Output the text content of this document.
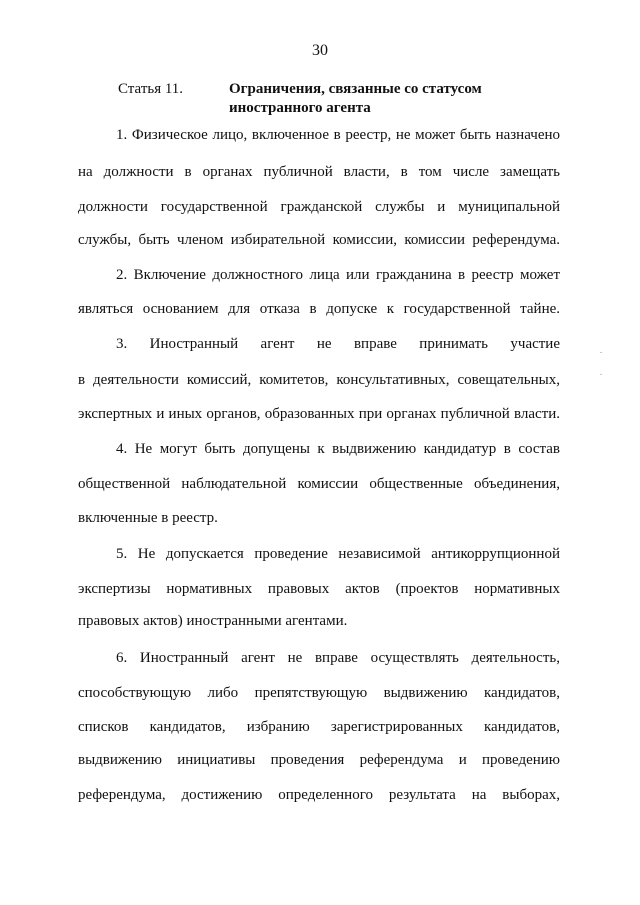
30
Статья 11.	Ограничения, связанные со статусом
иностранного агента
1. Физическое лицо, включенное в реестр, не может быть назначено
на должности в органах публичной власти, в том числе замещать
должности государственной гражданской службы и муниципальной
службы, быть членом избирательной комиссии, комиссии референдума.
2. Включение должностного лица или гражданина в реестр может
являться основанием для отказа в допуске к государственной тайне.
3. Иностранный агент не вправе принимать участие
в деятельности комиссий, комитетов, консультативных, совещательных,
экспертных и иных органов, образованных при органах публичной власти.
4. Не могут быть допущены к выдвижению кандидатур в состав
общественной наблюдательной комиссии общественные объединения,
включенные в реестр.
5. Не допускается проведение независимой антикоррупционной
экспертизы нормативных правовых актов (проектов нормативных
правовых актов) иностранными агентами.
6. Иностранный агент не вправе осуществлять деятельность,
способствующую либо препятствующую выдвижению кандидатов,
списков кандидатов, избранию зарегистрированных кандидатов,
выдвижению инициативы проведения референдума и проведению
референдума, достижению определенного результата на выборах,
